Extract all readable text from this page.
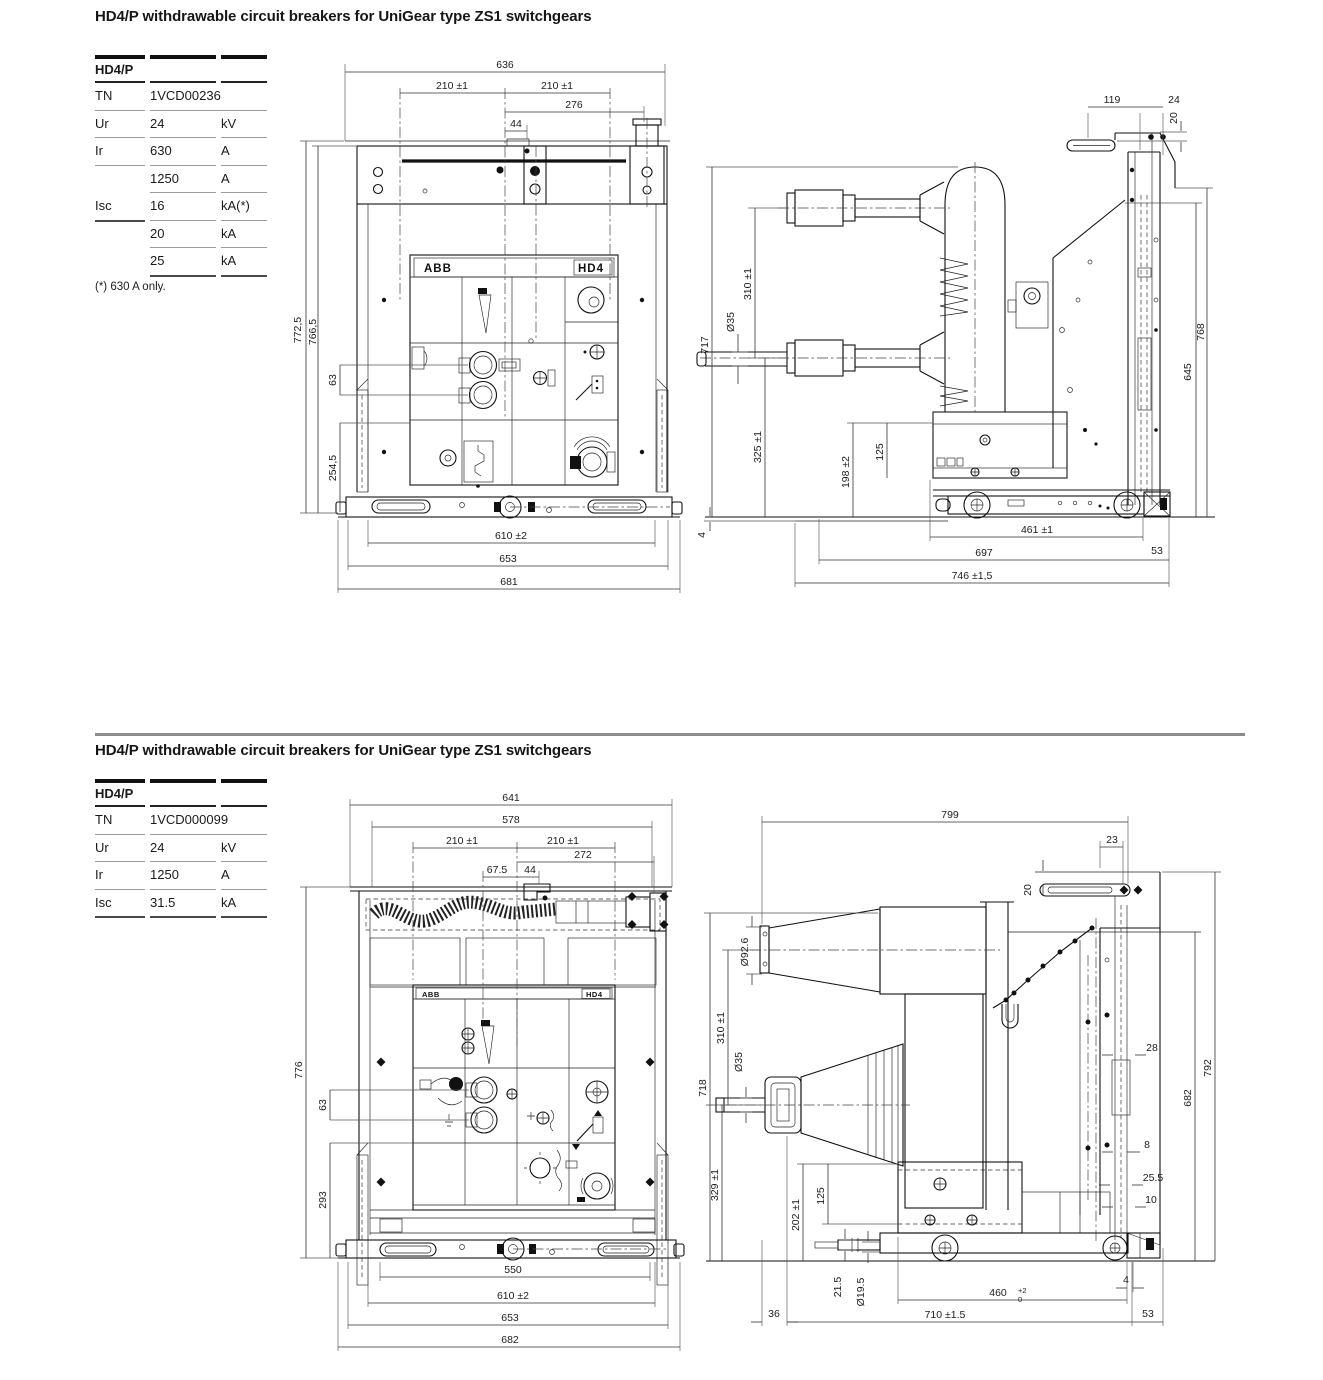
HD4/P withdrawable circuit breakers for UniGear type ZS1 switchgears
HD4/P withdrawable circuit breakers for UniGear type ZS1 switchgears
HD4/P
TN	1VCD00236
Ur	24	kV
Ir	630	A
1250	A
Isc	16	kA(*)
20	kA
25	kA
(*) 630 A only.
HD4/P
TN	1VCD000099
Ur	24	kV
Ir	1250	A
Isc	31.5	kA
ABB	HD4
636
210 ±1	210 ±1
276
44
772,5 766,5
63
254,5
610 ±2
653
681
119	24
20
717
310 ±1
Ø35
325 ±1
198 ±2
125
4	461 ±1
697	53
746 ±1,5
768
645
ABB	HD4
641
578
210 ±1	210 ±1
272
67.5 44
776
63
293
550
610 ±2
653
682
799
23
20
718
Ø92.6
310 ±1
Ø35
329 ±1
202 ±1
125
21.5 Ø19.5	460 +2
0
4
36	710 ±1.5	53
28
8
25.5
10
792
682
